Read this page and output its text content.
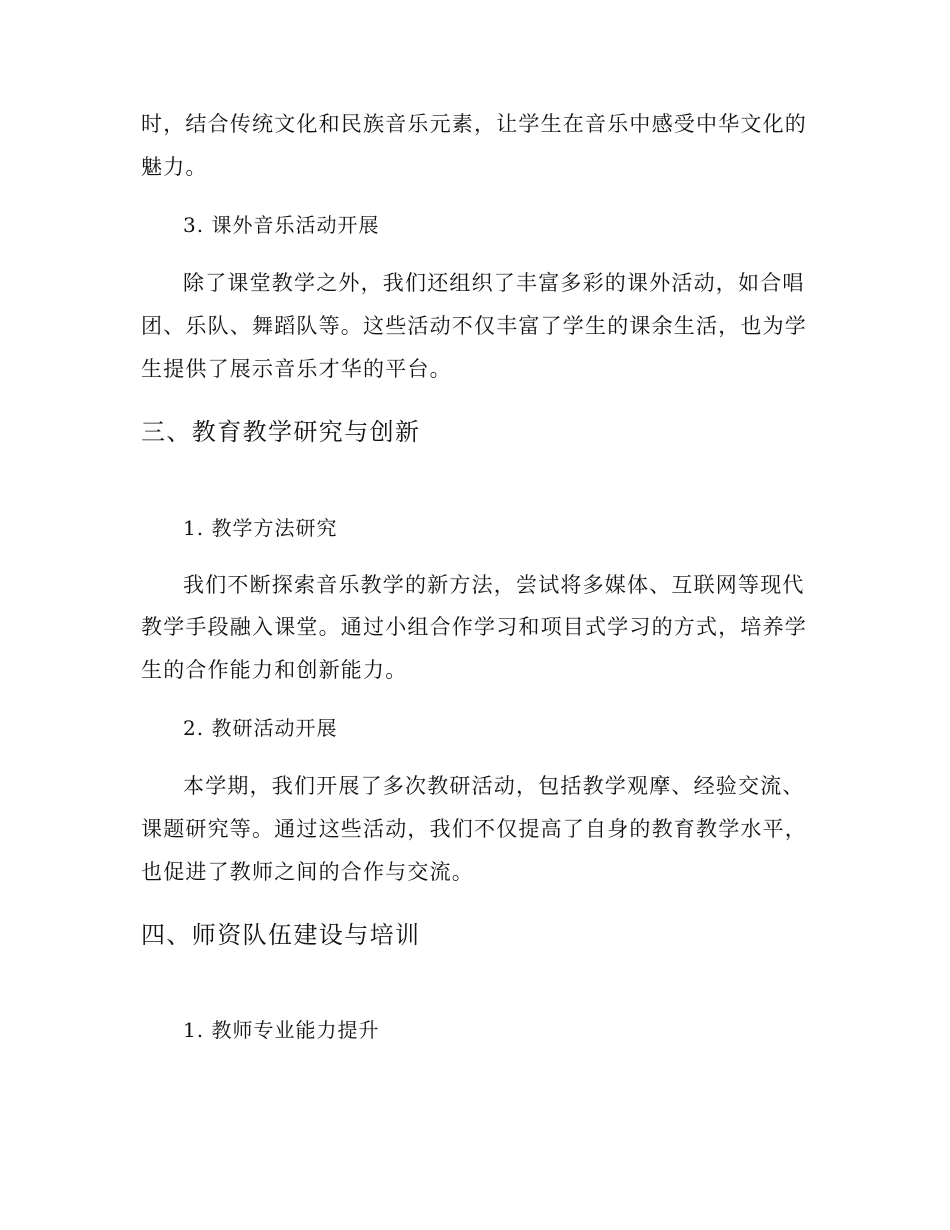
时，结合传统文化和民族音乐元素，让学生在音乐中感受中华文化的
魅力。
3. 课外音乐活动开展
除了课堂教学之外，我们还组织了丰富多彩的课外活动，如合唱
团、乐队、舞蹈队等。这些活动不仅丰富了学生的课余生活，也为学
生提供了展示音乐才华的平台。
三、教育教学研究与创新
1. 教学方法研究
我们不断探索音乐教学的新方法，尝试将多媒体、互联网等现代
教学手段融入课堂。通过小组合作学习和项目式学习的方式，培养学
生的合作能力和创新能力。
2. 教研活动开展
本学期，我们开展了多次教研活动，包括教学观摩、经验交流、
课题研究等。通过这些活动，我们不仅提高了自身的教育教学水平，
也促进了教师之间的合作与交流。
四、师资队伍建设与培训
1. 教师专业能力提升
